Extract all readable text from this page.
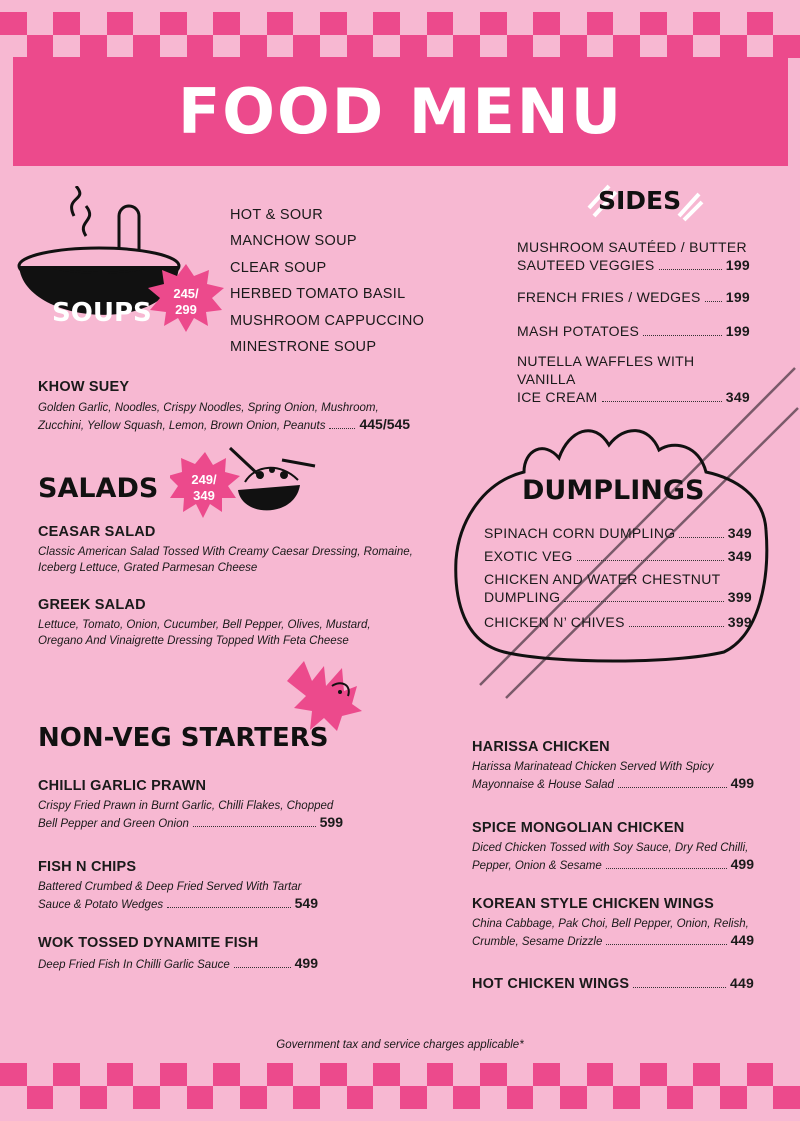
FOOD MENU
SOUPS
245/
299
HOT & SOUR
MANCHOW SOUP
CLEAR SOUP
HERBED TOMATO BASIL
MUSHROOM CAPPUCCINO
MINESTRONE SOUP
KHOW SUEY
Golden Garlic, Noodles, Crispy Noodles, Spring Onion, Mushroom,
Zucchini, Yellow Squash, Lemon, Brown Onion, Peanuts 445/545
SIDES
MUSHROOM SAUTÉED / BUTTER
SAUTEED VEGGIES	199
FRENCH FRIES / WEDGES 199
MASH POTATOES	199
NUTELLA WAFFLES WITH VANILLA
ICE CREAM	349
SALADS	249/
349
CEASAR SALAD
Classic American Salad Tossed With Creamy Caesar Dressing, Romaine,
Iceberg Lettuce, Grated Parmesan Cheese
GREEK SALAD
Lettuce, Tomato, Onion, Cucumber, Bell Pepper, Olives, Mustard,
Oregano And Vinaigrette Dressing Topped With Feta Cheese
DUMPLINGS
SPINACH CORN DUMPLING	349
EXOTIC VEG	349
CHICKEN AND WATER CHESTNUT
DUMPLING	399
CHICKEN N’ CHIVES	399
NON-VEG STARTERS
CHILLI GARLIC PRAWN
Crispy Fried Prawn in Burnt Garlic, Chilli Flakes, Chopped
Bell Pepper and Green Onion	599
FISH N CHIPS
Battered Crumbed & Deep Fried Served With Tartar
Sauce & Potato Wedges	549
WOK TOSSED DYNAMITE FISH
Deep Fried Fish In Chilli Garlic Sauce	499
HARISSA CHICKEN
Harissa Marinatead Chicken Served With Spicy
Mayonnaise & House Salad	499
SPICE MONGOLIAN CHICKEN
Diced Chicken Tossed with Soy Sauce, Dry Red Chilli,
Pepper, Onion & Sesame	499
KOREAN STYLE CHICKEN WINGS
China Cabbage, Pak Choi, Bell Pepper, Onion, Relish,
Crumble, Sesame Drizzle	449
HOT CHICKEN WINGS	449
Government tax and service charges applicable*
